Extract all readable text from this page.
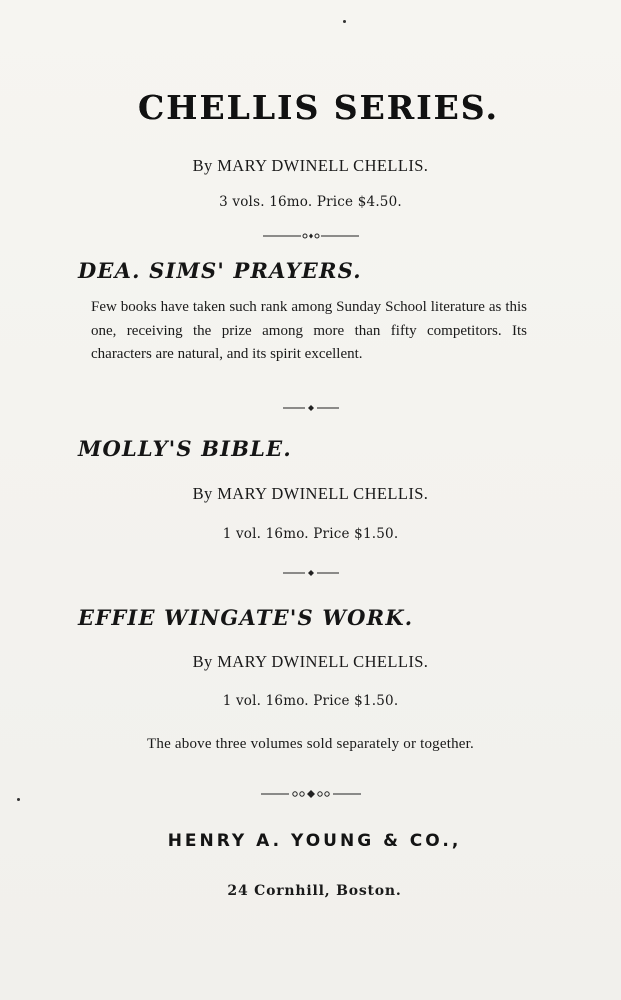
CHELLIS SERIES.
By MARY DWINELL CHELLIS.
3 vols. 16mo. Price $4.50.
DEA. SIMS' PRAYERS.
Few books have taken such rank among Sunday School literature as this one, receiving the prize among more than fifty competitors. Its characters are natural, and its spirit excellent.
MOLLY'S BIBLE.
By MARY DWINELL CHELLIS.
1 vol. 16mo. Price $1.50.
EFFIE WINGATE'S WORK.
By MARY DWINELL CHELLIS.
1 vol. 16mo. Price $1.50.
The above three volumes sold separately or together.
HENRY A. YOUNG & CO.,
24 Cornhill, Boston.
